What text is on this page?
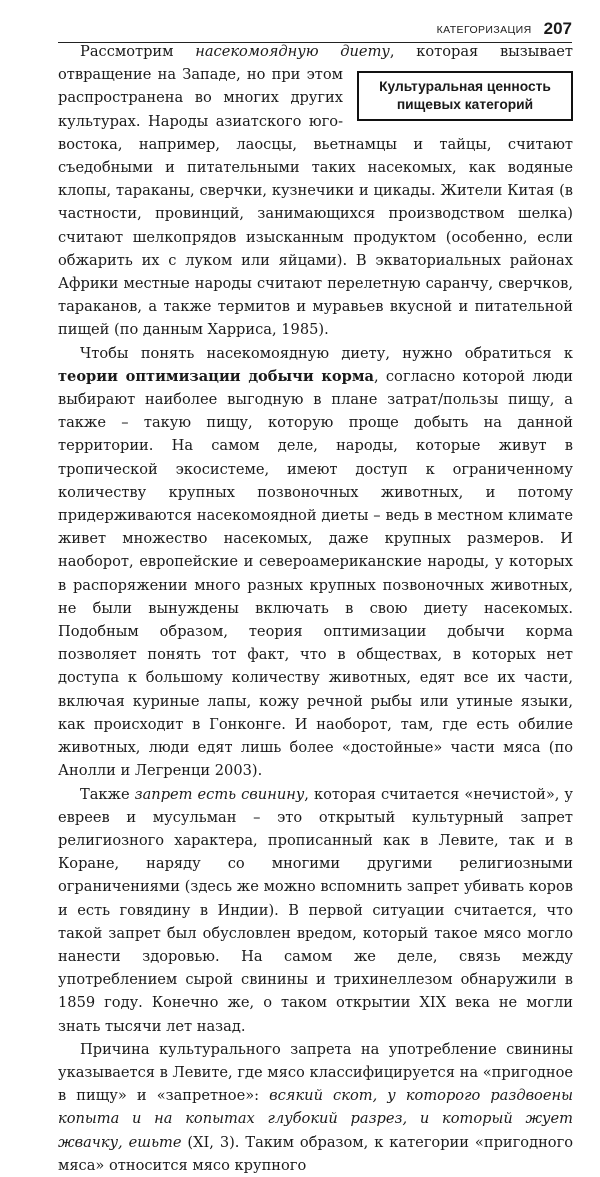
КАТЕГОРИЗАЦИЯ 207

Рассмотрим насекомоядную диету
Культуральная ценность
пищевых категорий
, которая вызывает отвращение на Западе, но при этом распространена во многих других культурах. Народы азиатского юго-востока, например, лаосцы, вьетнамцы и тайцы, считают съедобными и питательными таких насекомых, как водяные клопы, тараканы, сверчки, кузнечики и цикады. Жители Китая (в частности, провинций, занимающихся производством шелка) считают шелкопрядов изысканным продуктом (особенно, если обжарить их с луком или яйцами). В экваториальных районах Африки местные народы считают перелетную саранчу, сверчков, тараканов, а также термитов и муравьев вкусной и питательной пищей (по данным Харриса, 1985).

Чтобы понять насекомоядную диету, нужно обратиться к теории оптимизации добычи корма, согласно которой люди выбирают наиболее выгодную в плане затрат/пользы пищу, а также – такую пищу, которую проще добыть на данной территории. На самом деле, народы, которые живут в тропической экосистеме, имеют доступ к ограниченному количеству крупных позвоночных животных, и потому придерживаются насекомоядной диеты – ведь в местном климате живет множество насекомых, даже крупных размеров. И наоборот, европейские и североамериканские народы, у которых в распоряжении много разных крупных позвоночных животных, не были вынуждены включать в свою диету насекомых. Подобным образом, теория оптимизации добычи корма позволяет понять тот факт, что в обществах, в которых нет доступа к большому количеству животных, едят все их части, включая куриные лапы, кожу речной рыбы или утиные языки, как происходит в Гонконге. И наоборот, там, где есть обилие животных, люди едят лишь более «достойные» части мяса (по Анолли и Легренци 2003).

Также запрет есть свинину, которая считается «нечистой», у евреев и мусульман – это открытый культурный запрет религиозного характера, прописанный как в Левите, так и в Коране, наряду со многими другими религиозными ограничениями (здесь же можно вспомнить запрет убивать коров и есть говядину в Индии). В первой ситуации считается, что такой запрет был обусловлен вредом, который такое мясо могло нанести здоровью. На самом же деле, связь между употреблением сырой свинины и трихинеллезом обнаружили в 1859 году. Конечно же, о таком открытии XIX века не могли знать тысячи лет назад.

Причина культурального запрета на употребление свинины указывается в Левите, где мясо классифицируется на «пригодное в пищу» и «запретное»: всякий скот, у которого раздвоены копыта и на копытах глубокий разрез, и который жует жвачку, ешьте (XI, 3). Таким образом, к категории «пригодного мяса» относится мясо крупного
